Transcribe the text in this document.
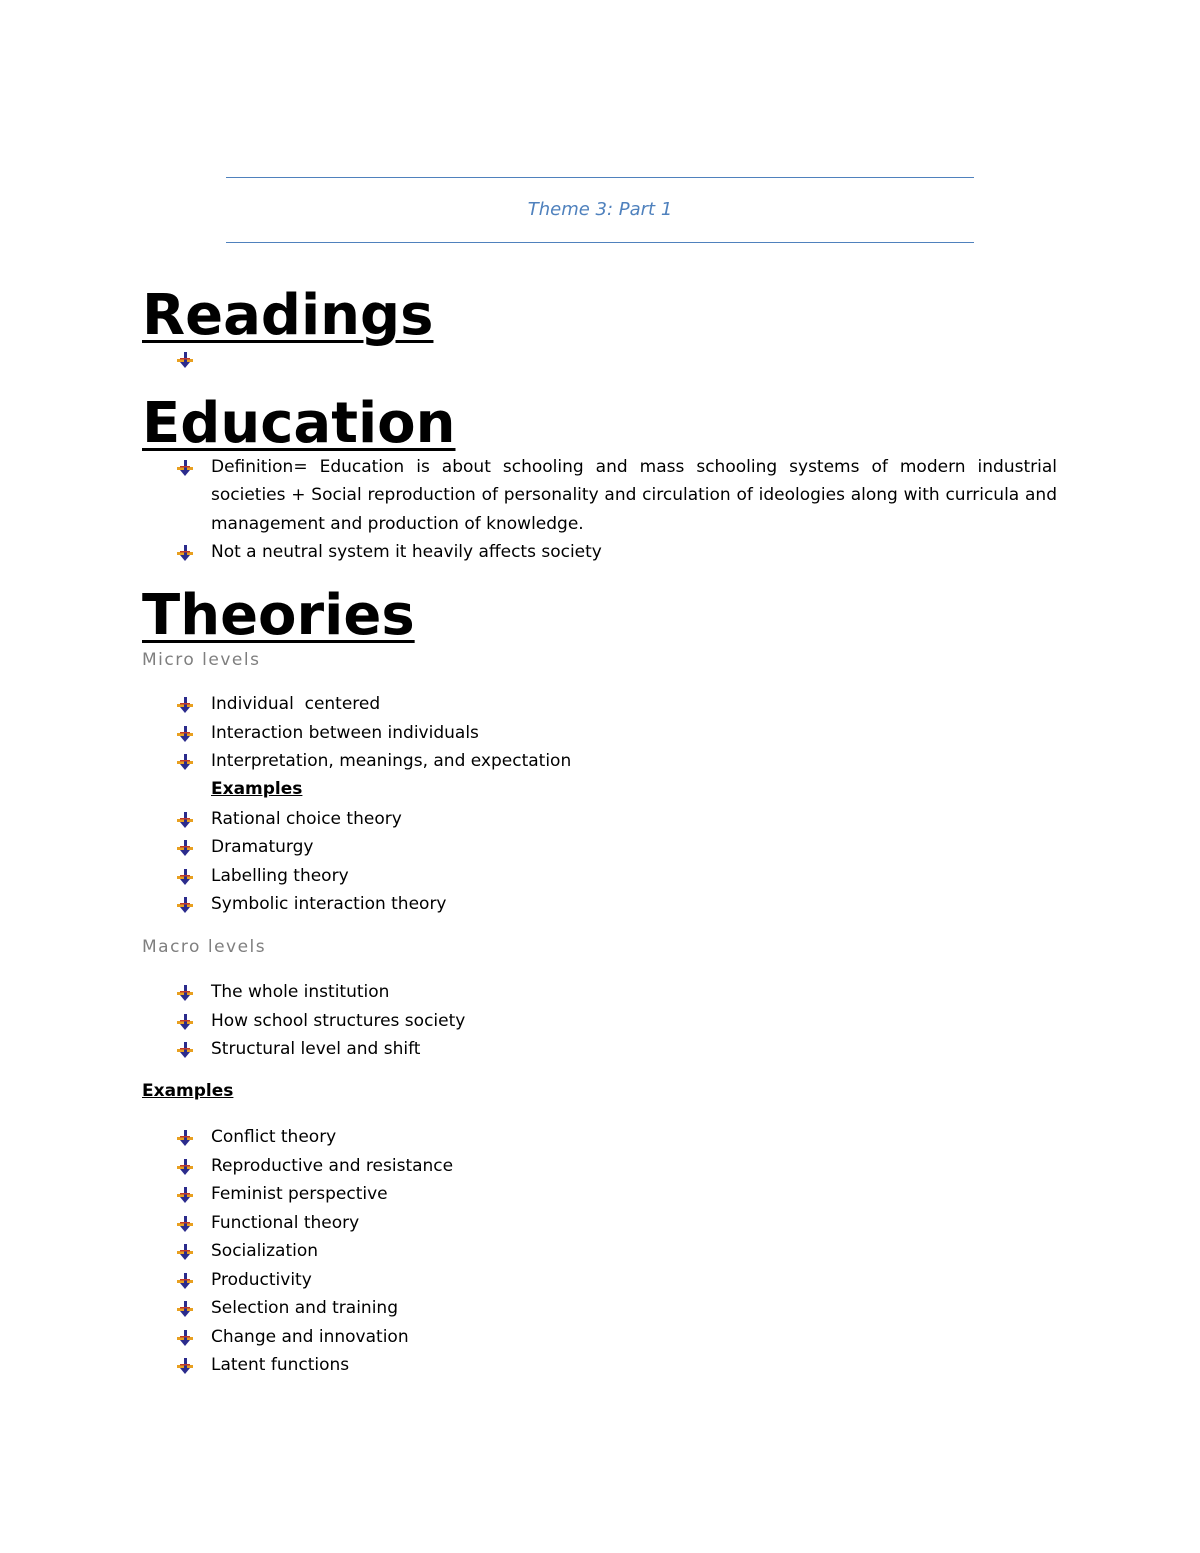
Theme 3: Part 1
Readings
Education
Definition= Education is about schooling and mass schooling systems of modern industrial societies + Social reproduction of personality and circulation of ideologies along with curricula and management and production of knowledge.
Not a neutral system it heavily affects society
Theories
Micro levels
Individual  centered
Interaction between individuals
Interpretation, meanings, and expectation
Examples
Rational choice theory
Dramaturgy
Labelling theory
Symbolic interaction theory
Macro levels
The whole institution
How school structures society
Structural level and shift
Examples
Conflict theory
Reproductive and resistance
Feminist perspective
Functional theory
Socialization
Productivity
Selection and training
Change and innovation
Latent functions
